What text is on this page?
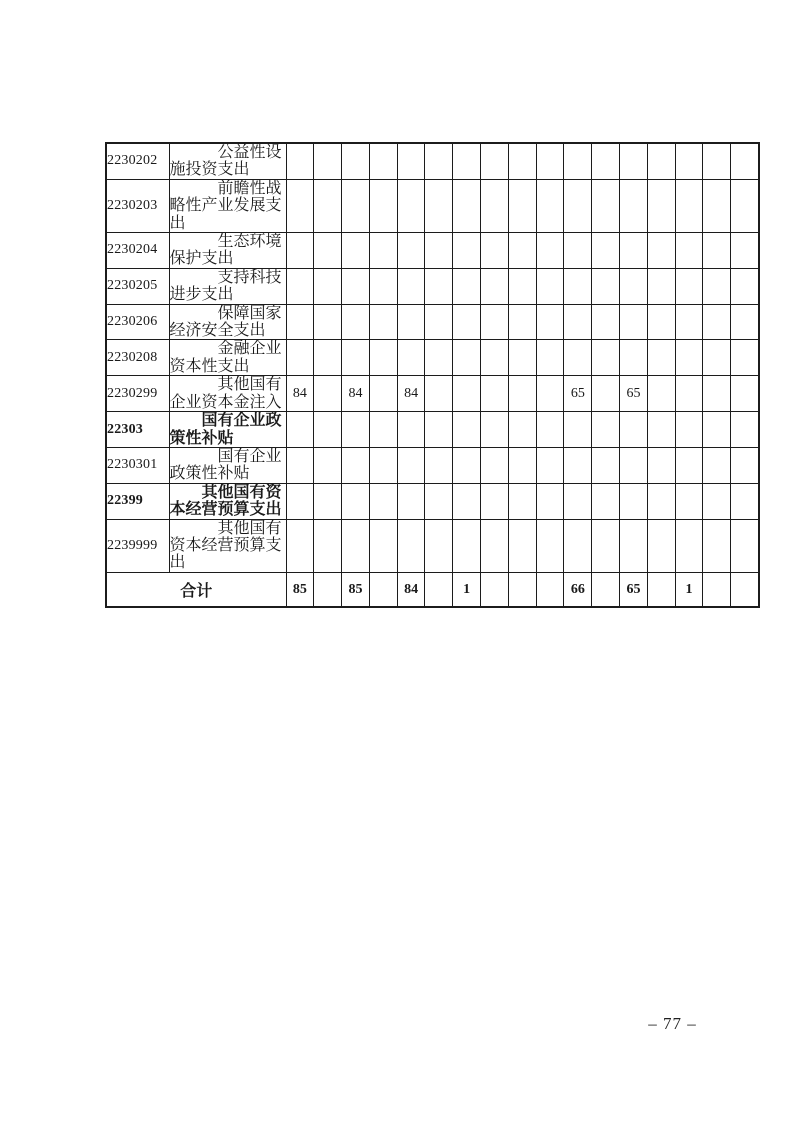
2230202	公益性设施投资支出																	
2230203	前瞻性战略性产业发展支出																	
2230204	生态环境保护支出																	
2230205	支持科技进步支出																	
2230206	保障国家经济安全支出																	
2230208	金融企业资本性支出																	
2230299	其他国有企业资本金注入	84		84		84						65		65				
22303	国有企业政策性补贴																	
2230301	国有企业政策性补贴																	
22399	其他国有资本经营预算支出																	
2239999	其他国有资本经营预算支出																	
合计		85		85		84		1				66		65		1		
– 77 –
